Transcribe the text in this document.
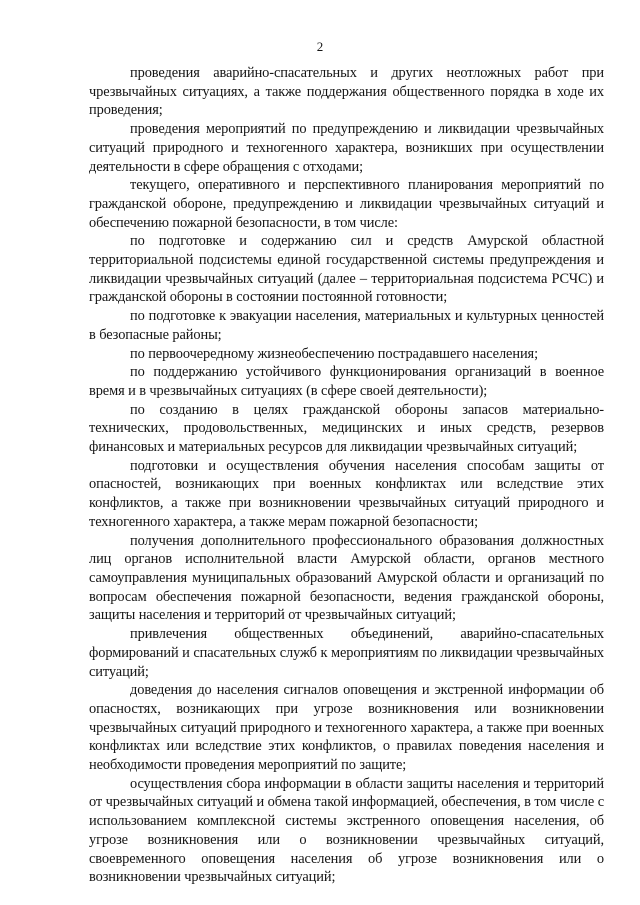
2

проведения аварийно-спасательных и других неотложных работ при чрезвычайных ситуациях, а также поддержания общественного порядка в ходе их проведения;

проведения мероприятий по предупреждению и ликвидации чрезвычайных ситуаций природного и техногенного характера, возникших при осуществлении деятельности в сфере обращения с отходами;

текущего, оперативного и перспективного планирования мероприятий по гражданской обороне, предупреждению и ликвидации чрезвычайных ситуаций и обеспечению пожарной безопасности, в том числе:

по подготовке и содержанию сил и средств Амурской областной территориальной подсистемы единой государственной системы предупреждения и ликвидации чрезвычайных ситуаций (далее – территориальная подсистема РСЧС) и гражданской обороны в состоянии постоянной готовности;

по подготовке к эвакуации населения, материальных и культурных ценностей в безопасные районы;

по первоочередному жизнеобеспечению пострадавшего населения;

по поддержанию устойчивого функционирования организаций в военное время и в чрезвычайных ситуациях (в сфере своей деятельности);

по созданию в целях гражданской обороны запасов материально-технических, продовольственных, медицинских и иных средств, резервов финансовых и материальных ресурсов для ликвидации чрезвычайных ситуаций;

подготовки и осуществления обучения населения способам защиты от опасностей, возникающих при военных конфликтах или вследствие этих конфликтов, а также при возникновении чрезвычайных ситуаций природного и техногенного характера, а также мерам пожарной безопасности;

получения дополнительного профессионального образования должностных лиц органов исполнительной власти Амурской области, органов местного самоуправления муниципальных образований Амурской области и организаций по вопросам обеспечения пожарной безопасности, ведения гражданской обороны, защиты населения и территорий от чрезвычайных ситуаций;

привлечения общественных объединений, аварийно-спасательных формирований и спасательных служб к мероприятиям по ликвидации чрезвычайных ситуаций;

доведения до населения сигналов оповещения и экстренной информации об опасностях, возникающих при угрозе возникновения или возникновении чрезвычайных ситуаций природного и техногенного характера, а также при военных конфликтах или вследствие этих конфликтов, о правилах поведения населения и необходимости проведения мероприятий по защите;

осуществления сбора информации в области защиты населения и территорий от чрезвычайных ситуаций и обмена такой информацией, обеспечения, в том числе с использованием комплексной системы экстренного оповещения населения, об угрозе возникновения или о возникновении чрезвычайных ситуаций, своевременного оповещения населения об угрозе возникновения или о возникновении чрезвычайных ситуаций;
